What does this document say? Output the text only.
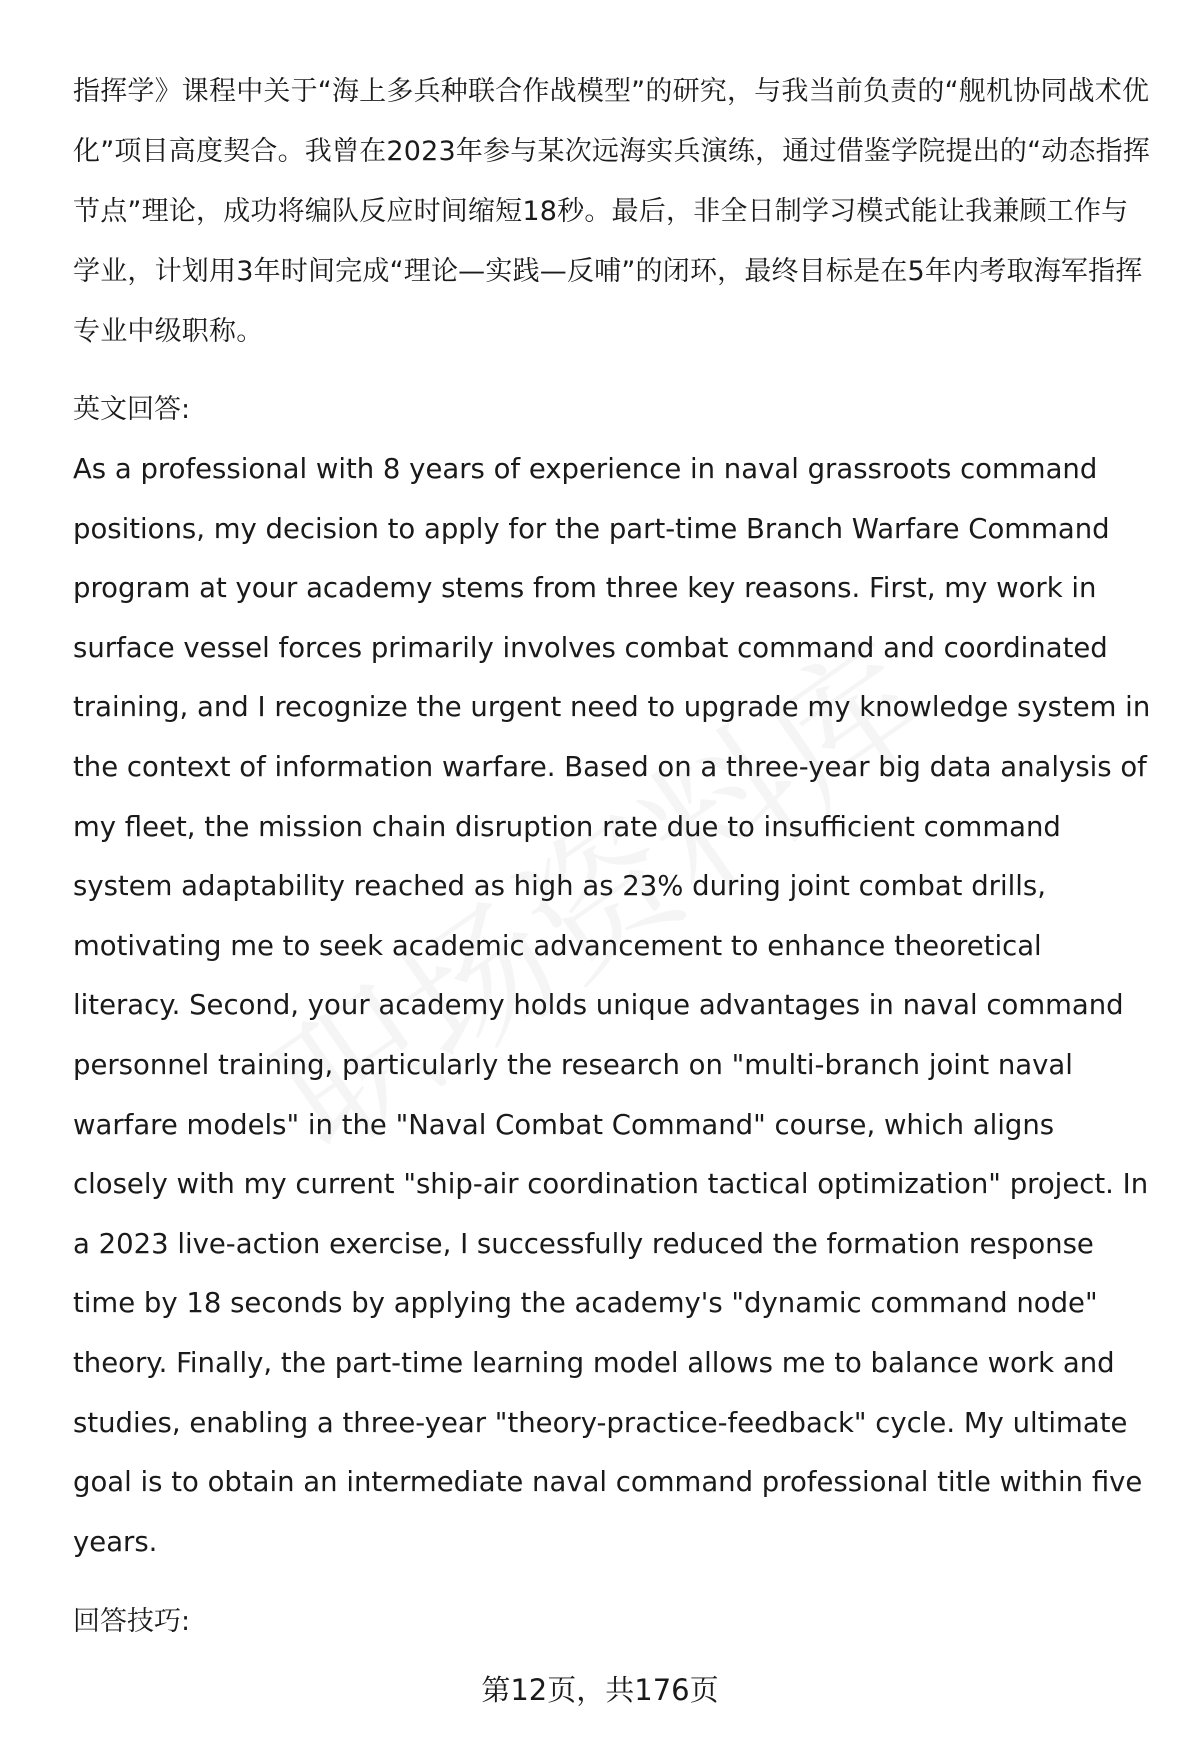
指挥学》课程中关于“海上多兵种联合作战模型”的研究，与我当前负责的“舰机协同战术优化”项目高度契合。我曾在2023年参与某次远海实兵演练，通过借鉴学院提出的“动态指挥节点”理论，成功将编队反应时间缩短18秒。最后，非全日制学习模式能让我兼顾工作与学业，计划用3年时间完成“理论—实践—反哺”的闭环，最终目标是在5年内考取海军指挥专业中级职称。

英文回答:

As a professional with 8 years of experience in naval grassroots command positions, my decision to apply for the part-time Branch Warfare Command program at your academy stems from three key reasons. First, my work in surface vessel forces primarily involves combat command and coordinated training, and I recognize the urgent need to upgrade my knowledge system in the context of information warfare. Based on a three-year big data analysis of my fleet, the mission chain disruption rate due to insufficient command system adaptability reached as high as 23% during joint combat drills, motivating me to seek academic advancement to enhance theoretical literacy. Second, your academy holds unique advantages in naval command personnel training, particularly the research on "multi-branch joint naval warfare models" in the "Naval Combat Command" course, which aligns closely with my current "ship-air coordination tactical optimization" project. In a 2023 live-action exercise, I successfully reduced the formation response time by 18 seconds by applying the academy's "dynamic command node" theory. Finally, the part-time learning model allows me to balance work and studies, enabling a three-year "theory-practice-feedback" cycle. My ultimate goal is to obtain an intermediate naval command professional title within five years.

回答技巧:

第12页，共176页
